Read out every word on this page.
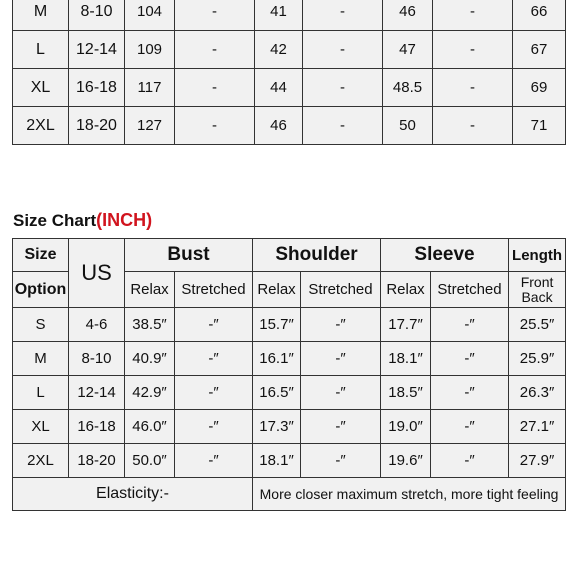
M	8-10	104	-	41	-	46	-	66
L	12-14	109	-	42	-	47	-	67
XL	16-18	117	-	44	-	48.5	-	69
2XL	18-20	127	-	46	-	50	-	71
Size Chart(INCH)
Size	US	Bust		Shoulder		Sleeve		Length
Option		Relax	Stretched	Relax	Stretched	Relax	Stretched	Front Back
S	4-6	38.5″	-″	15.7″	-″	17.7″	-″	25.5″
M	8-10	40.9″	-″	16.1″	-″	18.1″	-″	25.9″
L	12-14	42.9″	-″	16.5″	-″	18.5″	-″	26.3″
XL	16-18	46.0″	-″	17.3″	-″	19.0″	-″	27.1″
2XL	18-20	50.0″	-″	18.1″	-″	19.6″	-″	27.9″
Elasticity:-				More closer maximum stretch, more tight feeling				
